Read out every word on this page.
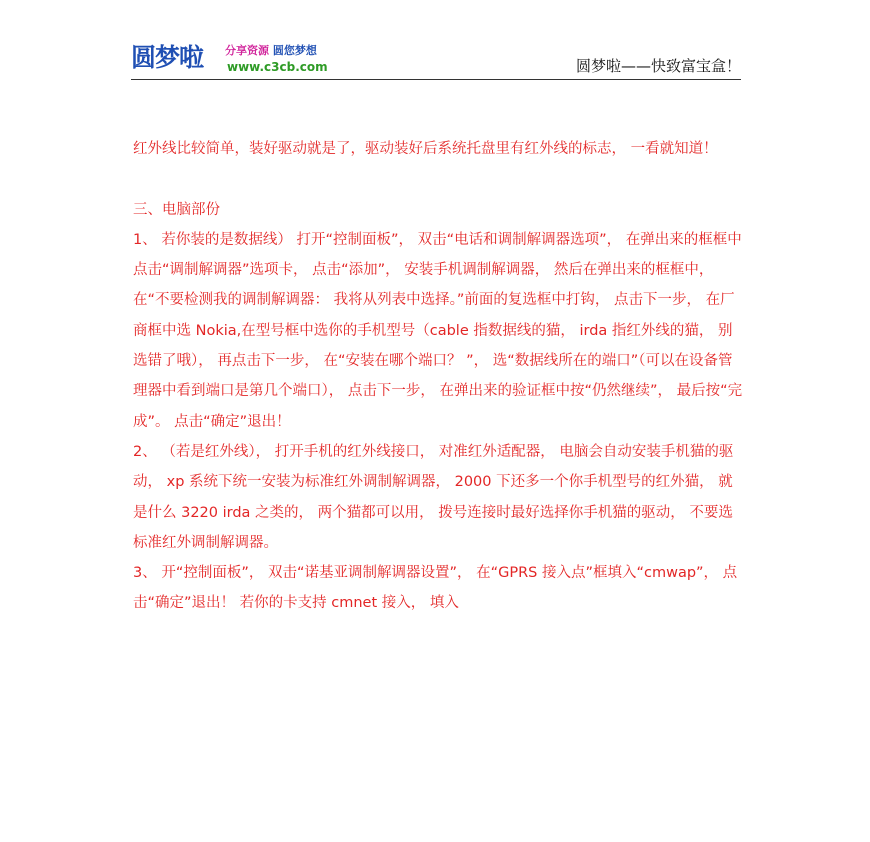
圆梦啦 分享资源 圆您梦想
www.c3cb.com	圆梦啦——快致富宝盒！

红外线比较简单，装好驱动就是了，驱动装好后系统托盘里有红外线的标志， 一看就知道！

三、电脑部份

1、 若你装的是数据线） 打开“控制面板”， 双击“电话和调制解调器选项”， 在弹出来的框框中点击“调制解调器”选项卡， 点击“添加”， 安装手机调制解调器， 然后在弹出来的框框中， 在“不要检测我的调制解调器： 我将从列表中选择。”前面的复选框中打钩， 点击下一步， 在厂商框中选 Nokia,在型号框中选你的手机型号（cable 指数据线的猫， irda 指红外线的猫， 别选错了哦）， 再点击下一步， 在“安装在哪个端口？ ”， 选“数据线所在的端口”（可以在设备管理器中看到端口是第几个端口）， 点击下一步， 在弹出来的验证框中按“仍然继续”， 最后按“完成”。 点击“确定”退出！

2、 （若是红外线）， 打开手机的红外线接口， 对准红外适配器， 电脑会自动安装手机猫的驱动， xp 系统下统一安装为标准红外调制解调器， 2000 下还多一个你手机型号的红外猫， 就是什么 3220 irda 之类的， 两个猫都可以用， 拨号连接时最好选择你手机猫的驱动， 不要选标准红外调制解调器。

3、 开“控制面板”， 双击“诺基亚调制解调器设置”， 在“GPRS 接入点”框填入“cmwap”， 点击“确定”退出！ 若你的卡支持 cmnet 接入， 填入
